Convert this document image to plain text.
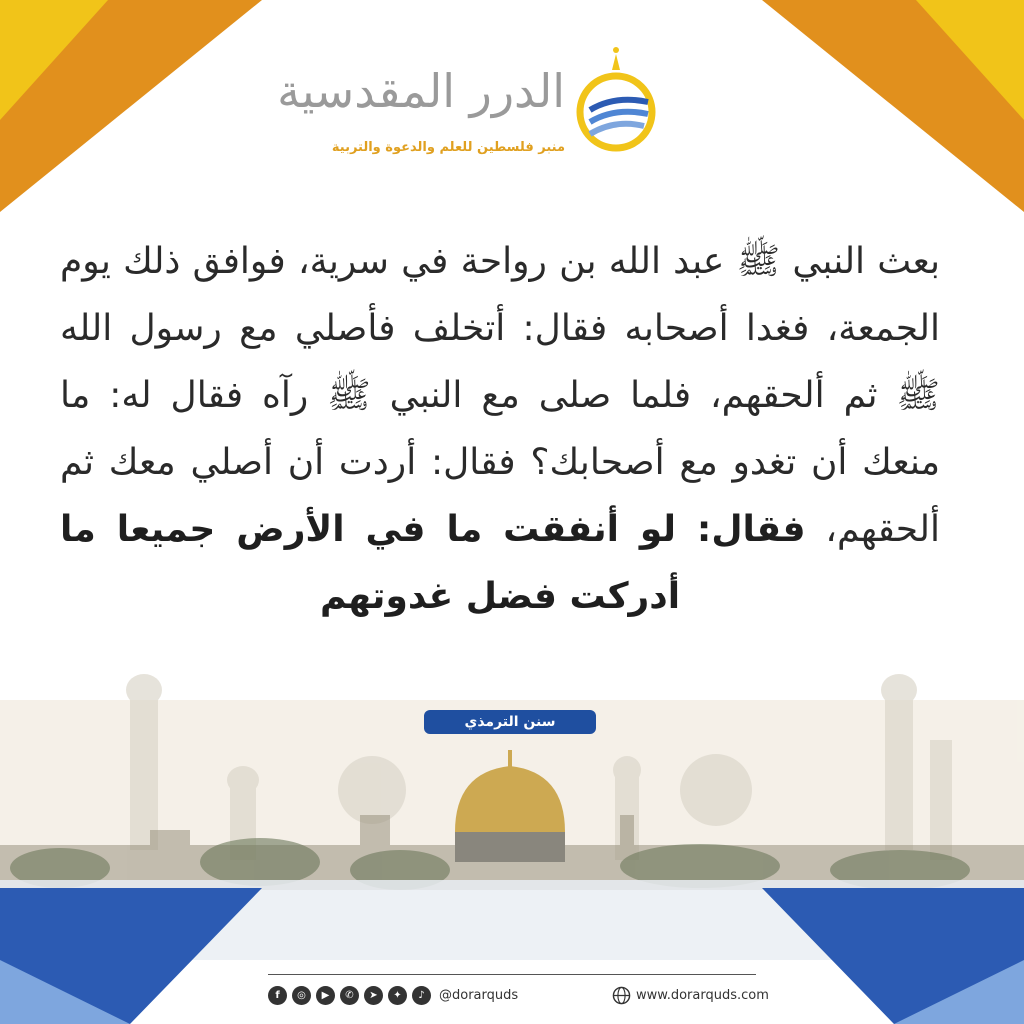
الدرر المقدسية
منبر فلسطين للعلم والدعوة والتربية
بعث النبي ﷺ عبد الله بن رواحة في سرية، فوافق ذلك يوم الجمعة، فغدا أصحابه فقال: أتخلف فأصلي مع رسول الله ﷺ ثم ألحقهم، فلما صلى مع النبي ﷺ رآه فقال له: ما منعك أن تغدو مع أصحابك؟ فقال: أردت أن أصلي معك ثم ألحقهم، فقال: لو أنفقت ما في الأرض جميعا ما أدركت فضل غدوتهم
سنن الترمذي
f	◎	▶	✆	➤	✦	♪	@dorarquds	www.dorarquds.com
